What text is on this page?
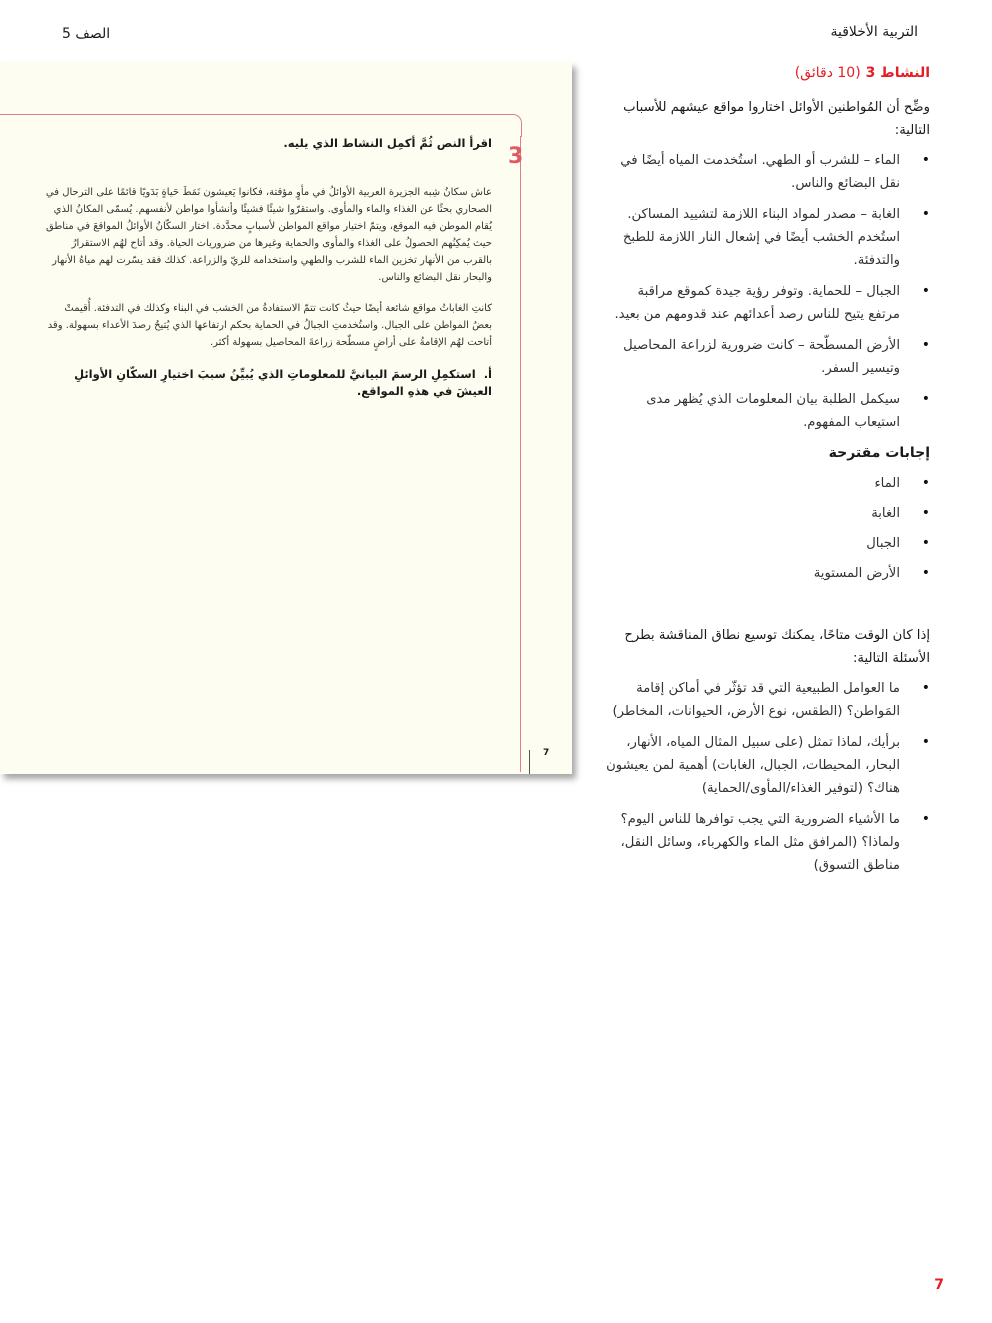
التربية الأخلاقية
الصف 5
3
اقرأ النص ثُمَّ أكمِل النشاط الذي يليه.
عاش سكانُ شِبه الجزيرة العربية الأوائلُ في مأوٍ مؤقتة، فكانوا يَعيشون نَمَطَ حَياةٍ بَدَويًا قائمًا على الترحال في الصحاري بحثًا عن الغذاء والماء والمأوى. واستقرّوا شيئًا فشيئًا وأنشأوا مواطن لأنفسهم. يُسمّى المكانُ الذي يُقام الموطن فيه الموقع، ويتمّ اختيار مواقع المواطن لأسبابٍ محدَّدة. اختار السكّانُ الأوائلُ المواقعَ في مناطق حيث يُمكِنُهم الحصولُ على الغذاء والمأوى والحماية وغيرها من ضروريات الحياة. وقد أتاح لهُم الاستقرارُ بالقرب من الأنهار تخزين الماء للشرب والطهي واستخدامه للريّ والزراعة. كذلك فقد يسّرت لهم مياهُ الأنهار والبحار نقل البضائع والناس.
كانتِ الغاباتُ مواقع شائعة أيضًا حيثُ كانت تتمّ الاستفادةُ من الخشب في البناء وكذلك في التدفئة. أُقيمتْ بعضُ المواطن على الجبال. واستُخدمتِ الجبالُ في الحماية بحكم ارتفاعها الذي يُتيحُ رصدَ الأعداء بسهولة. وقد أتاحت لهُم الإقامةُ على أراضٍ مسطّحة زراعةَ المحاصيل بسهولة أكثر.
أ. استكمِلِ الرسمَ البيانيَّ للمعلوماتِ الذي يُبيِّنُ سببَ اختيارِ السكّانِ الأوائلِ العيشَ في هذهِ المواقع.
7
النشاط 3 (10 دقائق)

وضِّح أن المُواطنين الأوائل اختاروا مواقع عيشهم للأسباب التالية:

• الماء – للشرب أو الطهي. استُخدمت المياه أيضًا في نقل البضائع والناس.
• الغابة – مصدر لمواد البناء اللازمة لتشييد المساكن. استُخدم الخشب أيضًا في إشعال النار اللازمة للطبخ والتدفئة.
• الجبال – للحماية. وتوفر رؤية جيدة كموقع مراقبة مرتفع يتيح للناس رصد أعدائهم عند قدومهم من بعيد.
• الأرض المسطّحة – كانت ضرورية لزراعة المحاصيل وتيسير السفر.
• سيكمل الطلبة بيان المعلومات الذي يُظهر مدى استيعاب المفهوم.
إجابات مقترحة
• الماء
• الغابة
• الجبال
• الأرض المستوية

إذا كان الوقت متاحًا، يمكنك توسيع نطاق المناقشة بطرح الأسئلة التالية:

• ما العوامل الطبيعية التي قد تؤثّر في أماكن إقامة المَواطن؟ (الطقس، نوع الأرض، الحيوانات، المخاطر)
• برأيك، لماذا تمثل (على سبيل المثال المياه، الأنهار، البحار، المحيطات، الجبال، الغابات) أهمية لمن يعيشون هناك؟ (لتوفير الغذاء/المأوى/الحماية)
• ما الأشياء الضرورية التي يجب توافرها للناس اليوم؟ ولماذا؟ (المرافق مثل الماء والكهرباء، وسائل النقل، مناطق التسوق)
7
